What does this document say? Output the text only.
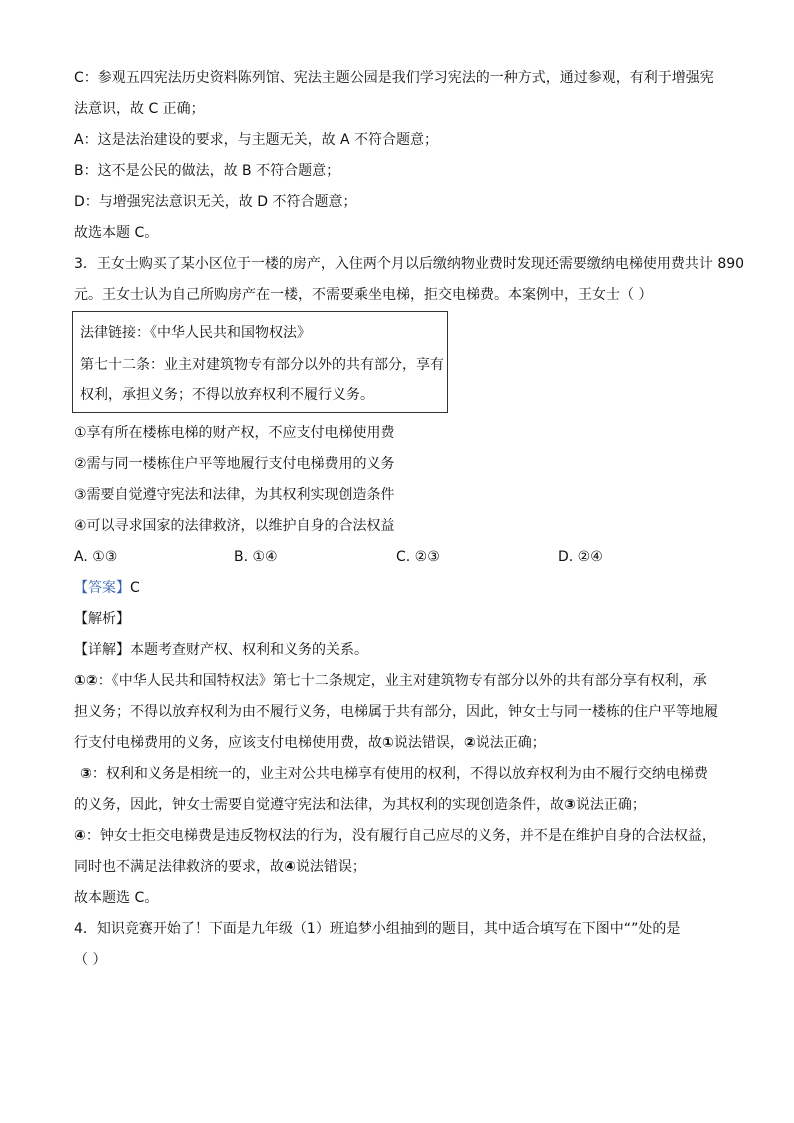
C：参观五四宪法历史资料陈列馆、宪法主题公园是我们学习宪法的一种方式，通过参观，有利于增强宪

法意识，故 C 正确；

A：这是法治建设的要求，与主题无关，故 A 不符合题意；

B：这不是公民的做法，故 B 不符合题意；

D：与增强宪法意识无关，故 D 不符合题意；

故选本题 C。

3．王女士购买了某小区位于一楼的房产，入住两个月以后缴纳物业费时发现还需要缴纳电梯使用费共计 890

元。王女士认为自己所购房产在一楼，不需要乘坐电梯，拒交电梯费。本案例中，王女士（ ）

法律链接：《中华人民共和国物权法》

第七十二条：业主对建筑物专有部分以外的共有部分，享有

权利，承担义务；不得以放弃权利不履行义务。

①享有所在楼栋电梯的财产权，不应支付电梯使用费

②需与同一楼栋住户平等地履行支付电梯费用的义务

③需要自觉遵守宪法和法律，为其权利实现创造条件

④可以寻求国家的法律救济，以维护自身的合法权益

A. ①③	B. ①④	C. ②③	D. ②④

【答案】C

【解析】

【详解】本题考查财产权、权利和义务的关系。

①②：《中华人民共和国特权法》第七十二条规定，业主对建筑物专有部分以外的共有部分享有权利，承

担义务；不得以放弃权利为由不履行义务，电梯属于共有部分，因此，钟女士与同一楼栋的住户平等地履

行支付电梯费用的义务，应该支付电梯使用费，故①说法错误，②说法正确；

③：权利和义务是相统一的，业主对公共电梯享有使用的权利，不得以放弃权利为由不履行交纳电梯费

的义务，因此，钟女士需要自觉遵守宪法和法律，为其权利的实现创造条件，故③说法正确；

④：钟女士拒交电梯费是违反物权法的行为，没有履行自己应尽的义务，并不是在维护自身的合法权益，

同时也不满足法律救济的要求，故④说法错误；

故本题选 C。

4．知识竞赛开始了！下面是九年级（1）班追梦小组抽到的题目，其中适合填写在下图中“”处的是

（ ）
